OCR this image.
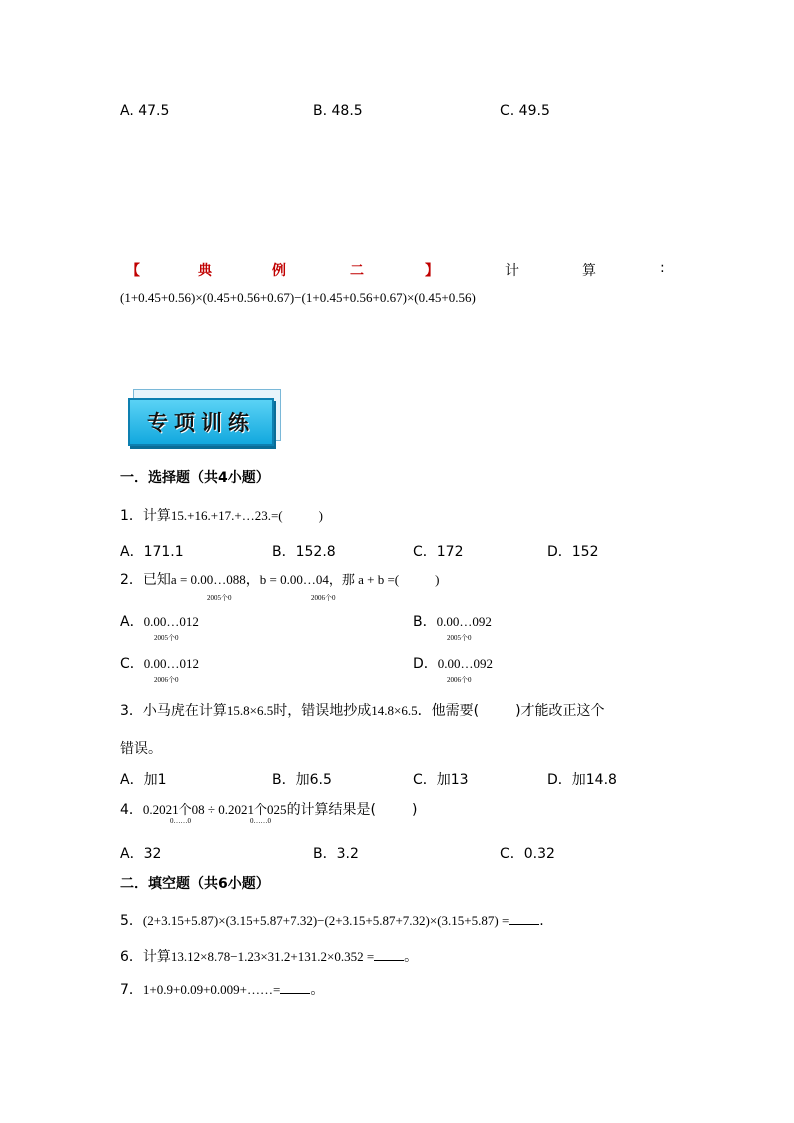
A. 47.5	B. 48.5	C. 49.5
【	典	例	二	】	计	算	:
(1+0.45+0.56)×(0.45+0.56+0.67)−(1+0.45+0.56+0.67)×(0.45+0.56)
专项训练
一．选择题（共4小题）
1．计算15.+16.+17.+…23.=(	)
A．171.1	B．152.8	C．172	D．152
2．已知a = 0.00…088，b = 0.00…04，那 a + b =(	)
2005个0	2006个0
A．0.00…012
2005个0
B．0.00…092
2005个0
C．0.00…012
2006个0
D．0.00…092
2006个0
3．小马虎在计算15.8×6.5时，错误地抄成14.8×6.5．他需要(	)才能改正这个
错误。
A．加1	B．加6.5	C．加13	D．加14.8
4．0.2021个08 ÷ 0.2021个025的计算结果是(	)
0……0	0……0
A．32	B．3.2	C．0.32
二．填空题（共6小题）
5．(2+3.15+5.87)×(3.15+5.87+7.32)−(2+3.15+5.87+7.32)×(3.15+5.87) = .
6．计算13.12×8.78−1.23×31.2+131.2×0.352 = 。
7．1+0.9+0.09+0.009+……= 。
